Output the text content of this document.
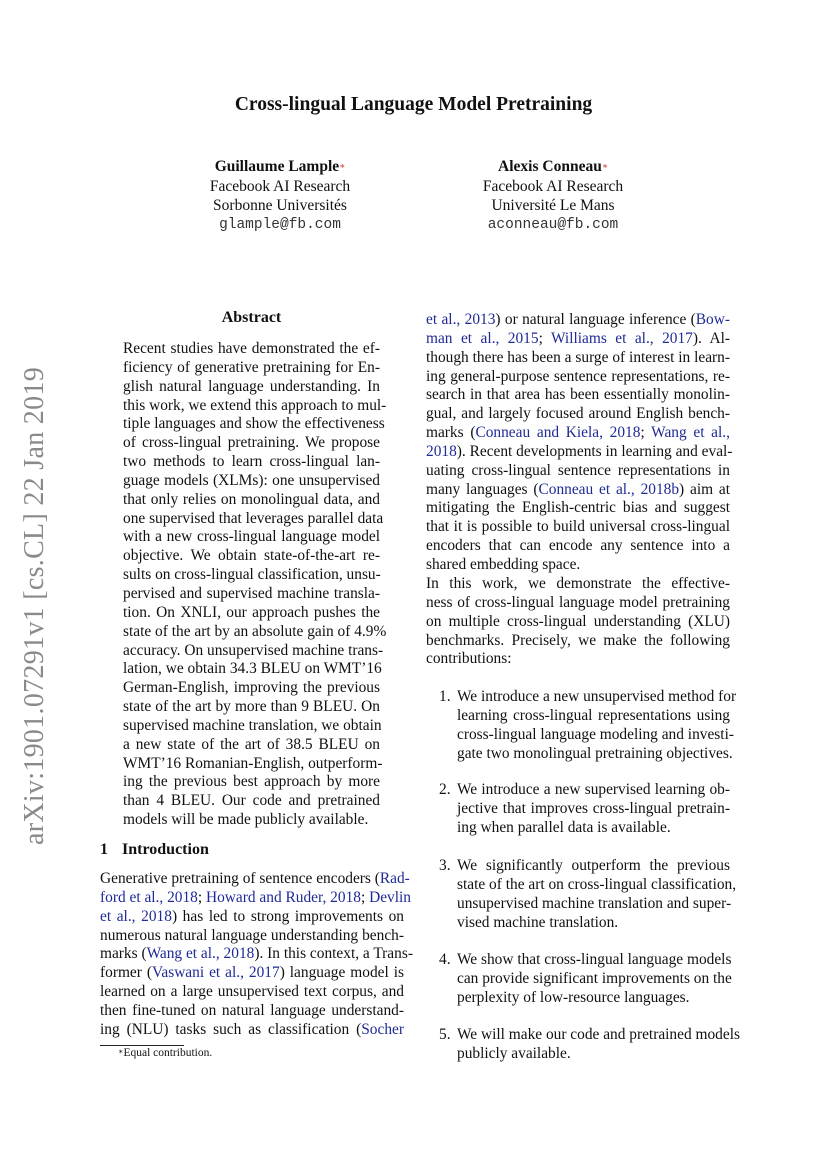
arXiv:1901.07291v1 [cs.CL] 22 Jan 2019
Cross-lingual Language Model Pretraining
Guillaume Lample∗
Facebook AI Research
Sorbonne Universités
glample@fb.com
Alexis Conneau∗
Facebook AI Research
Université Le Mans
aconneau@fb.com
Abstract
Recent studies have demonstrated the ef-
ficiency of generative pretraining for En-
glish natural language understanding. In
this work, we extend this approach to mul-
tiple languages and show the effectiveness
of cross-lingual pretraining. We propose
two methods to learn cross-lingual lan-
guage models (XLMs): one unsupervised
that only relies on monolingual data, and
one supervised that leverages parallel data
with a new cross-lingual language model
objective. We obtain state-of-the-art re-
sults on cross-lingual classification, unsu-
pervised and supervised machine transla-
tion. On XNLI, our approach pushes the
state of the art by an absolute gain of 4.9%
accuracy. On unsupervised machine trans-
lation, we obtain 34.3 BLEU on WMT’16
German-English, improving the previous
state of the art by more than 9 BLEU. On
supervised machine translation, we obtain
a new state of the art of 38.5 BLEU on
WMT’16 Romanian-English, outperform-
ing the previous best approach by more
than 4 BLEU. Our code and pretrained
models will be made publicly available.
1 Introduction
Generative pretraining of sentence encoders (Rad-
ford et al., 2018; Howard and Ruder, 2018; Devlin
et al., 2018) has led to strong improvements on
numerous natural language understanding bench-
marks (Wang et al., 2018). In this context, a Trans-
former (Vaswani et al., 2017) language model is
learned on a large unsupervised text corpus, and
then fine-tuned on natural language understand-
ing (NLU) tasks such as classification (Socher
∗Equal contribution.
et al., 2013) or natural language inference (Bow-
man et al., 2015; Williams et al., 2017). Al-
though there has been a surge of interest in learn-
ing general-purpose sentence representations, re-
search in that area has been essentially monolin-
gual, and largely focused around English bench-
marks (Conneau and Kiela, 2018; Wang et al.,
2018). Recent developments in learning and eval-
uating cross-lingual sentence representations in
many languages (Conneau et al., 2018b) aim at
mitigating the English-centric bias and suggest
that it is possible to build universal cross-lingual
encoders that can encode any sentence into a
shared embedding space.
In this work, we demonstrate the effective-
ness of cross-lingual language model pretraining
on multiple cross-lingual understanding (XLU)
benchmarks. Precisely, we make the following
contributions:
1. We introduce a new unsupervised method for
learning cross-lingual representations using
cross-lingual language modeling and investi-
gate two monolingual pretraining objectives.
2. We introduce a new supervised learning ob-
jective that improves cross-lingual pretrain-
ing when parallel data is available.
3. We significantly outperform the previous
state of the art on cross-lingual classification,
unsupervised machine translation and super-
vised machine translation.
4. We show that cross-lingual language models
can provide significant improvements on the
perplexity of low-resource languages.
5. We will make our code and pretrained models
publicly available.
